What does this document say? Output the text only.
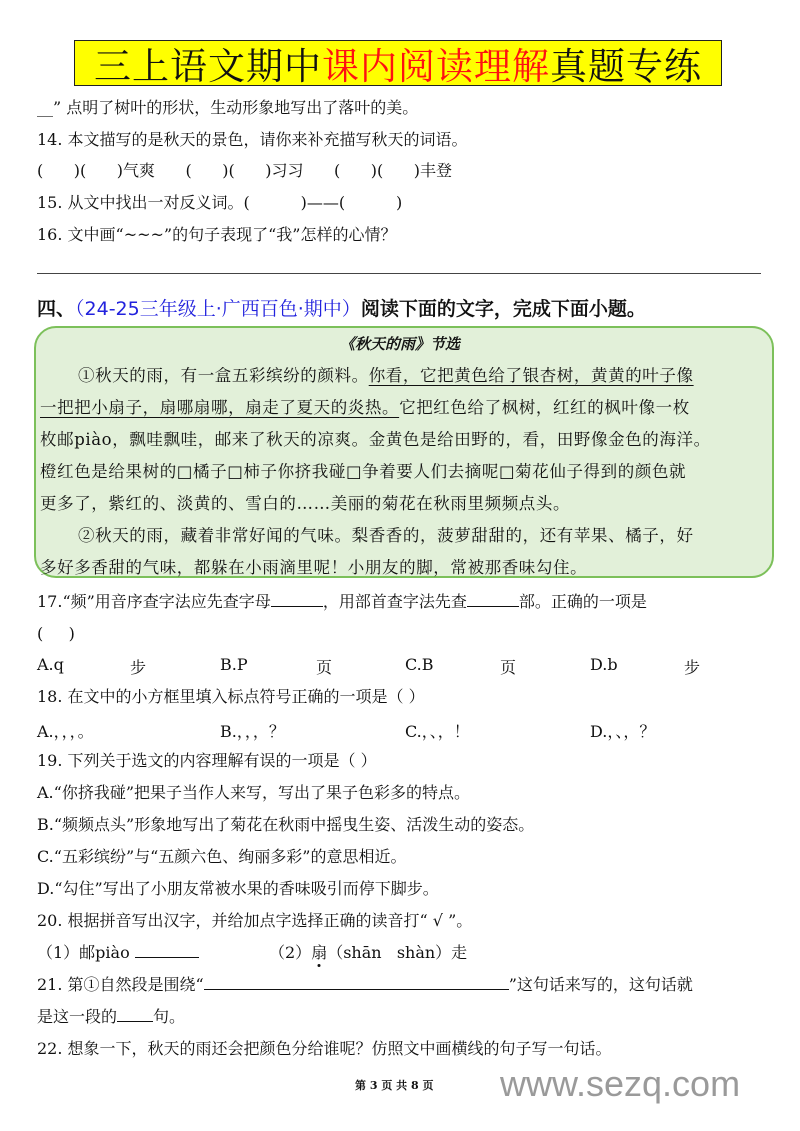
三上语文期中 课内阅读理解 真题专练
__” 点明了树叶的形状，生动形象地写出了落叶的美。
14. 本文描写的是秋天的景色，请你来补充描写秋天的词语。
(      )(      )气爽      (      )(      )习习      (      )(      )丰登
15. 从文中找出一对反义词。(          )——(          )
16. 文中画“~~~”的句子表现了“我”怎样的心情？
四、（24-25三年级上·广西百色·期中）阅读下面的文字，完成下面小题。
《秋天的雨》节选
①秋天的雨，有一盒五彩缤纷的颜料。你看，它把黄色给了银杏树，黄黄的叶子像
一把把小扇子，扇哪扇哪，扇走了夏天的炎热。它把红色给了枫树，红红的枫叶像一枚
枚邮piào，飘哇飘哇，邮来了秋天的凉爽。金黄色是给田野的，看，田野像金色的海洋。
橙红色是给果树的□橘子□柿子你挤我碰□争着要人们去摘呢□菊花仙子得到的颜色就
更多了，紫红的、淡黄的、雪白的……美丽的菊花在秋雨里频频点头。
②秋天的雨，藏着非常好闻的气味。梨香香的，菠萝甜甜的，还有苹果、橘子，好
多好多香甜的气味，都躲在小雨滴里呢！小朋友的脚，常被那香味勾住。
17.“频”用音序查字法应先查字母	，用部首查字法先查	部。正确的一项是
(     )
A.q	步	B.P	页	C.B	页	D.b	步
18. 在文中的小方框里填入标点符号正确的一项是（ ）
A.，，，。	B.，，，？	C.，、，！	D.，、，？
19. 下列关于选文的内容理解有误的一项是（ ）
A.“你挤我碰”把果子当作人来写，写出了果子色彩多的特点。
B.“频频点头”形象地写出了菊花在秋雨中摇曳生姿、活泼生动的姿态。
C.“五彩缤纷”与“五颜六色、绚丽多彩”的意思相近。
D.“勾住”写出了小朋友常被水果的香味吸引而停下脚步。
20. 根据拼音写出汉字，并给加点字选择正确的读音打“ √ ”。
（1）邮piào	（2）扇（shān   shàn）走
21. 第①自然段是围绕“	”这句话来写的，这句话就
是这一段的 句。
22. 想象一下，秋天的雨还会把颜色分给谁呢？仿照文中画横线的句子写一句话。
第 3 页 共 8 页 www.sezq.com
